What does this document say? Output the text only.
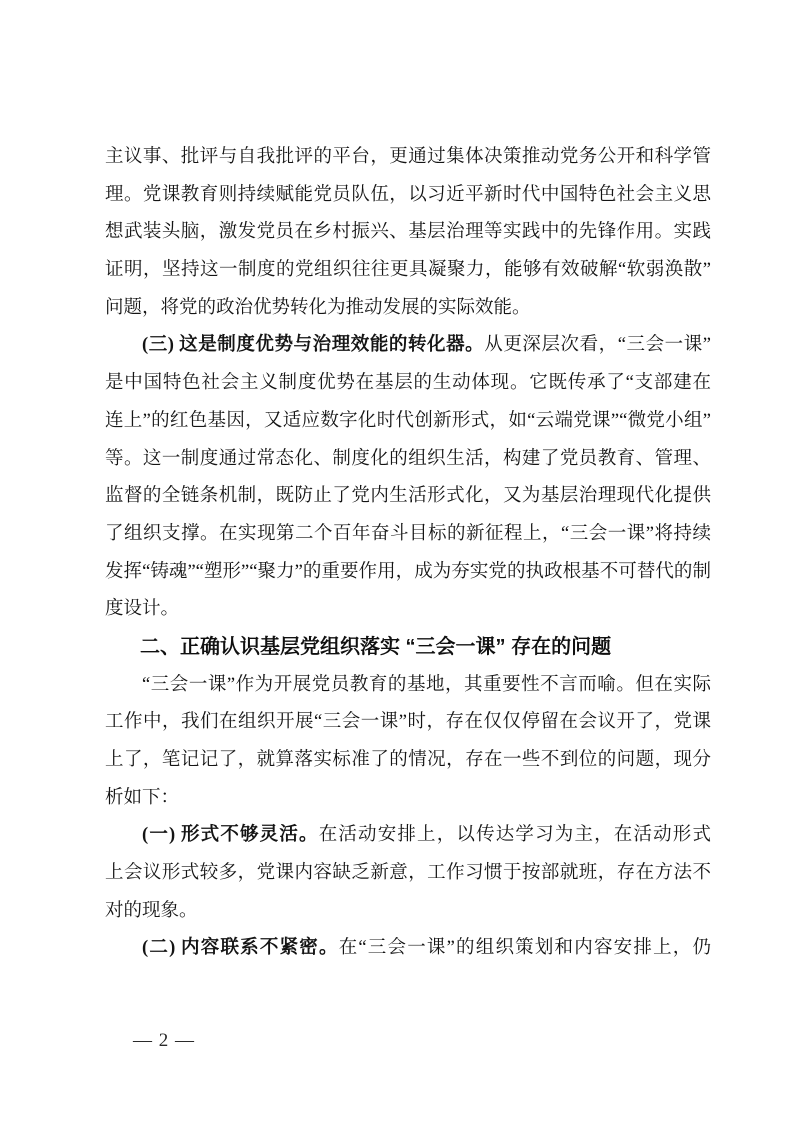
主议事、批评与自我批评的平台，更通过集体决策推动党务公开和科学管
理。党课教育则持续赋能党员队伍，以习近平新时代中国特色社会主义思
想武装头脑，激发党员在乡村振兴、基层治理等实践中的先锋作用。实践
证明，坚持这一制度的党组织往往更具凝聚力，能够有效破解“软弱涣散”
问题，将党的政治优势转化为推动发展的实际效能。
(三) 这是制度优势与治理效能的转化器。从更深层次看，“三会一课”
是中国特色社会主义制度优势在基层的生动体现。它既传承了“支部建在
连上”的红色基因，又适应数字化时代创新形式，如“云端党课”“微党小组”
等。这一制度通过常态化、制度化的组织生活，构建了党员教育、管理、
监督的全链条机制，既防止了党内生活形式化，又为基层治理现代化提供
了组织支撑。在实现第二个百年奋斗目标的新征程上，“三会一课”将持续
发挥“铸魂”“塑形”“聚力”的重要作用，成为夯实党的执政根基不可替代的制
度设计。
二、正确认识基层党组织落实 “三会一课” 存在的问题
“三会一课”作为开展党员教育的基地，其重要性不言而喻。但在实际
工作中，我们在组织开展“三会一课”时，存在仅仅停留在会议开了，党课
上了，笔记记了，就算落实标准了的情况，存在一些不到位的问题，现分
析如下：
(一) 形式不够灵活。在活动安排上，以传达学习为主，在活动形式
上会议形式较多，党课内容缺乏新意，工作习惯于按部就班，存在方法不
对的现象。
(二) 内容联系不紧密。在“三会一课”的组织策划和内容安排上，仍
— 2 —
